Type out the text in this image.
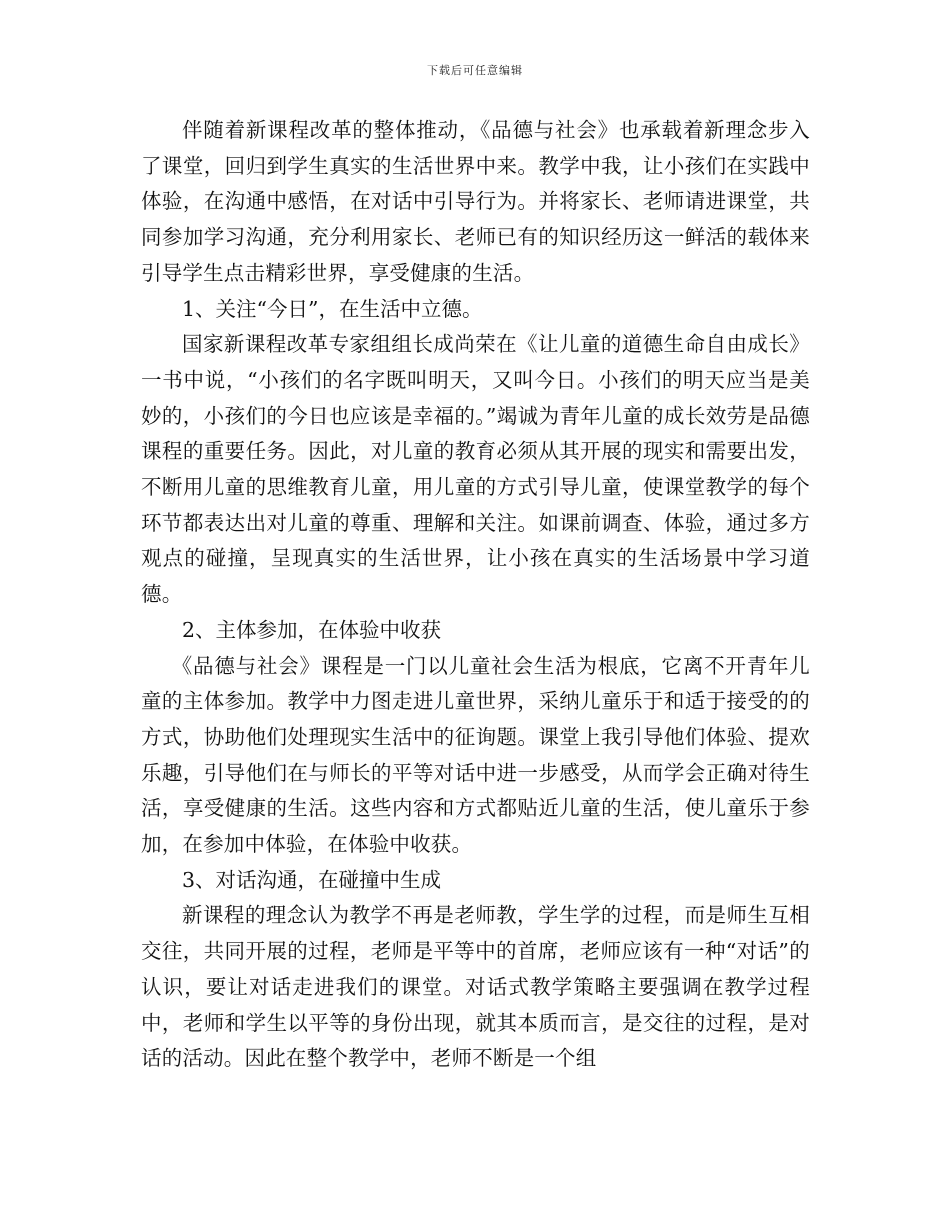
下载后可任意编辑

伴随着新课程改革的整体推动，《品德与社会》也承载着新理念步入了课堂，回归到学生真实的生活世界中来。教学中我，让小孩们在实践中体验，在沟通中感悟，在对话中引导行为。并将家长、老师请进课堂，共同参加学习沟通，充分利用家长、老师已有的知识经历这一鲜活的载体来引导学生点击精彩世界，享受健康的生活。

1、关注“今日”，在生活中立德。

国家新课程改革专家组组长成尚荣在《让儿童的道德生命自由成长》一书中说，“小孩们的名字既叫明天，又叫今日。小孩们的明天应当是美妙的，小孩们的今日也应该是幸福的。”竭诚为青年儿童的成长效劳是品德课程的重要任务。因此，对儿童的教育必须从其开展的现实和需要出发，不断用儿童的思维教育儿童，用儿童的方式引导儿童，使课堂教学的每个环节都表达出对儿童的尊重、理解和关注。如课前调查、体验，通过多方观点的碰撞，呈现真实的生活世界，让小孩在真实的生活场景中学习道德。

2、主体参加，在体验中收获

《品德与社会》课程是一门以儿童社会生活为根底，它离不开青年儿童的主体参加。教学中力图走进儿童世界，采纳儿童乐于和适于接受的的方式，协助他们处理现实生活中的征询题。课堂上我引导他们体验、提欢乐趣，引导他们在与师长的平等对话中进一步感受，从而学会正确对待生活，享受健康的生活。这些内容和方式都贴近儿童的生活，使儿童乐于参加，在参加中体验，在体验中收获。

3、对话沟通，在碰撞中生成

新课程的理念认为教学不再是老师教，学生学的过程，而是师生互相交往，共同开展的过程，老师是平等中的首席，老师应该有一种“对话”的认识，要让对话走进我们的课堂。对话式教学策略主要强调在教学过程中，老师和学生以平等的身份出现，就其本质而言，是交往的过程，是对话的活动。因此在整个教学中，老师不断是一个组
